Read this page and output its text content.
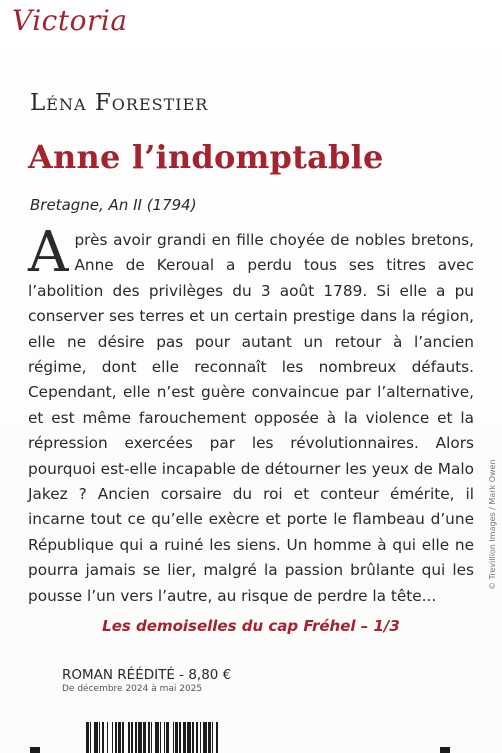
Victoria
Léna Forestier
Anne l’indomptable
Bretagne, An II (1794)
Après avoir grandi en fille choyée de nobles bretons, Anne de Keroual a perdu tous ses titres avec l’abolition des privilèges du 3 août 1789. Si elle a pu conserver ses terres et un certain prestige dans la région, elle ne désire pas pour autant un retour à l’ancien régime, dont elle reconnaît les nombreux défauts. Cependant, elle n’est guère convaincue par l’alternative, et est même farouchement opposée à la violence et la répression exercées par les révolutionnaires. Alors pourquoi est-elle incapable de détourner les yeux de Malo Jakez ? Ancien corsaire du roi et conteur émérite, il incarne tout ce qu’elle exècre et porte le flambeau d’une République qui a ruiné les siens. Un homme à qui elle ne pourra jamais se lier, malgré la passion brûlante qui les pousse l’un vers l’autre, au risque de perdre la tête...
Les demoiselles du cap Fréhel – 1/3
ROMAN RÉÉDITÉ - 8,80 €
De décembre 2024 à mai 2025
© Trevillion Images / Mark Owen
